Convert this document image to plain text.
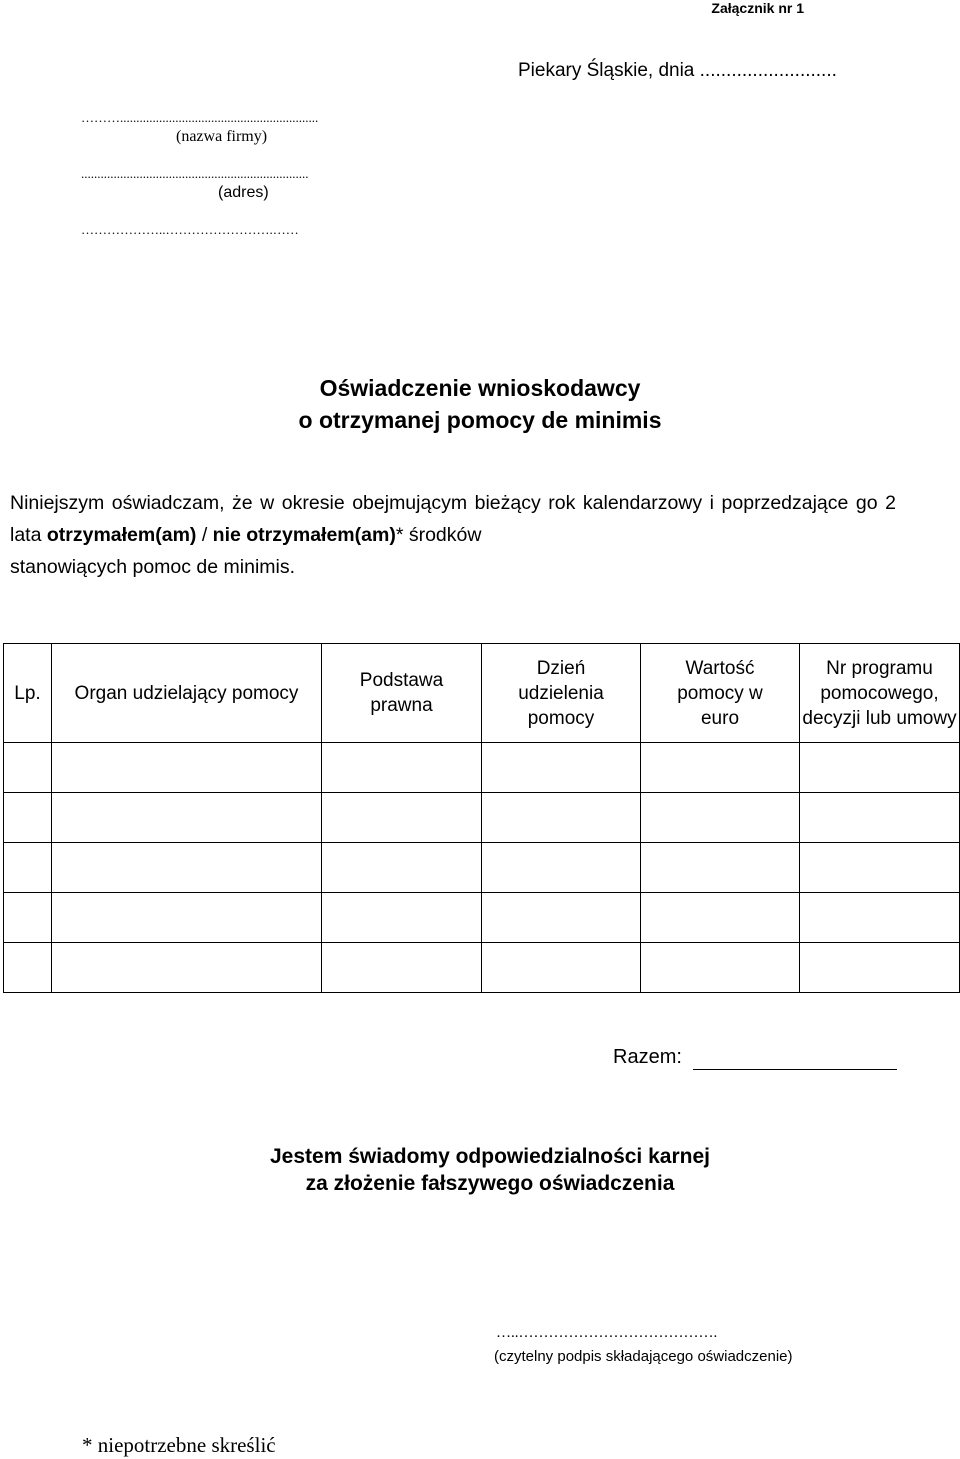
Załącznik nr 1
Piekary Śląskie, dnia ..........................
……….............................................................
(nazwa firmy)
......................................................................
(adres)
………………..…………………….……
Oświadczenie wnioskodawcy
o otrzymanej pomocy de minimis
Niniejszym oświadczam, że w okresie obejmującym bieżący rok kalendarzowy i poprzedzające go 2 lata otrzymałem(am) / nie otrzymałem(am)* środków
stanowiących pomoc de minimis.
Lp.	Organ udzielający pomocy	Podstawa prawna	Dzień udzielenia pomocy	Wartość pomocy w euro	Nr programu pomocowego, decyzji lub umowy

Razem:
Jestem świadomy odpowiedzialności karnej
za złożenie fałszywego oświadczenia
…..………………………………….
(czytelny podpis składającego oświadczenie)
* niepotrzebne skreślić
